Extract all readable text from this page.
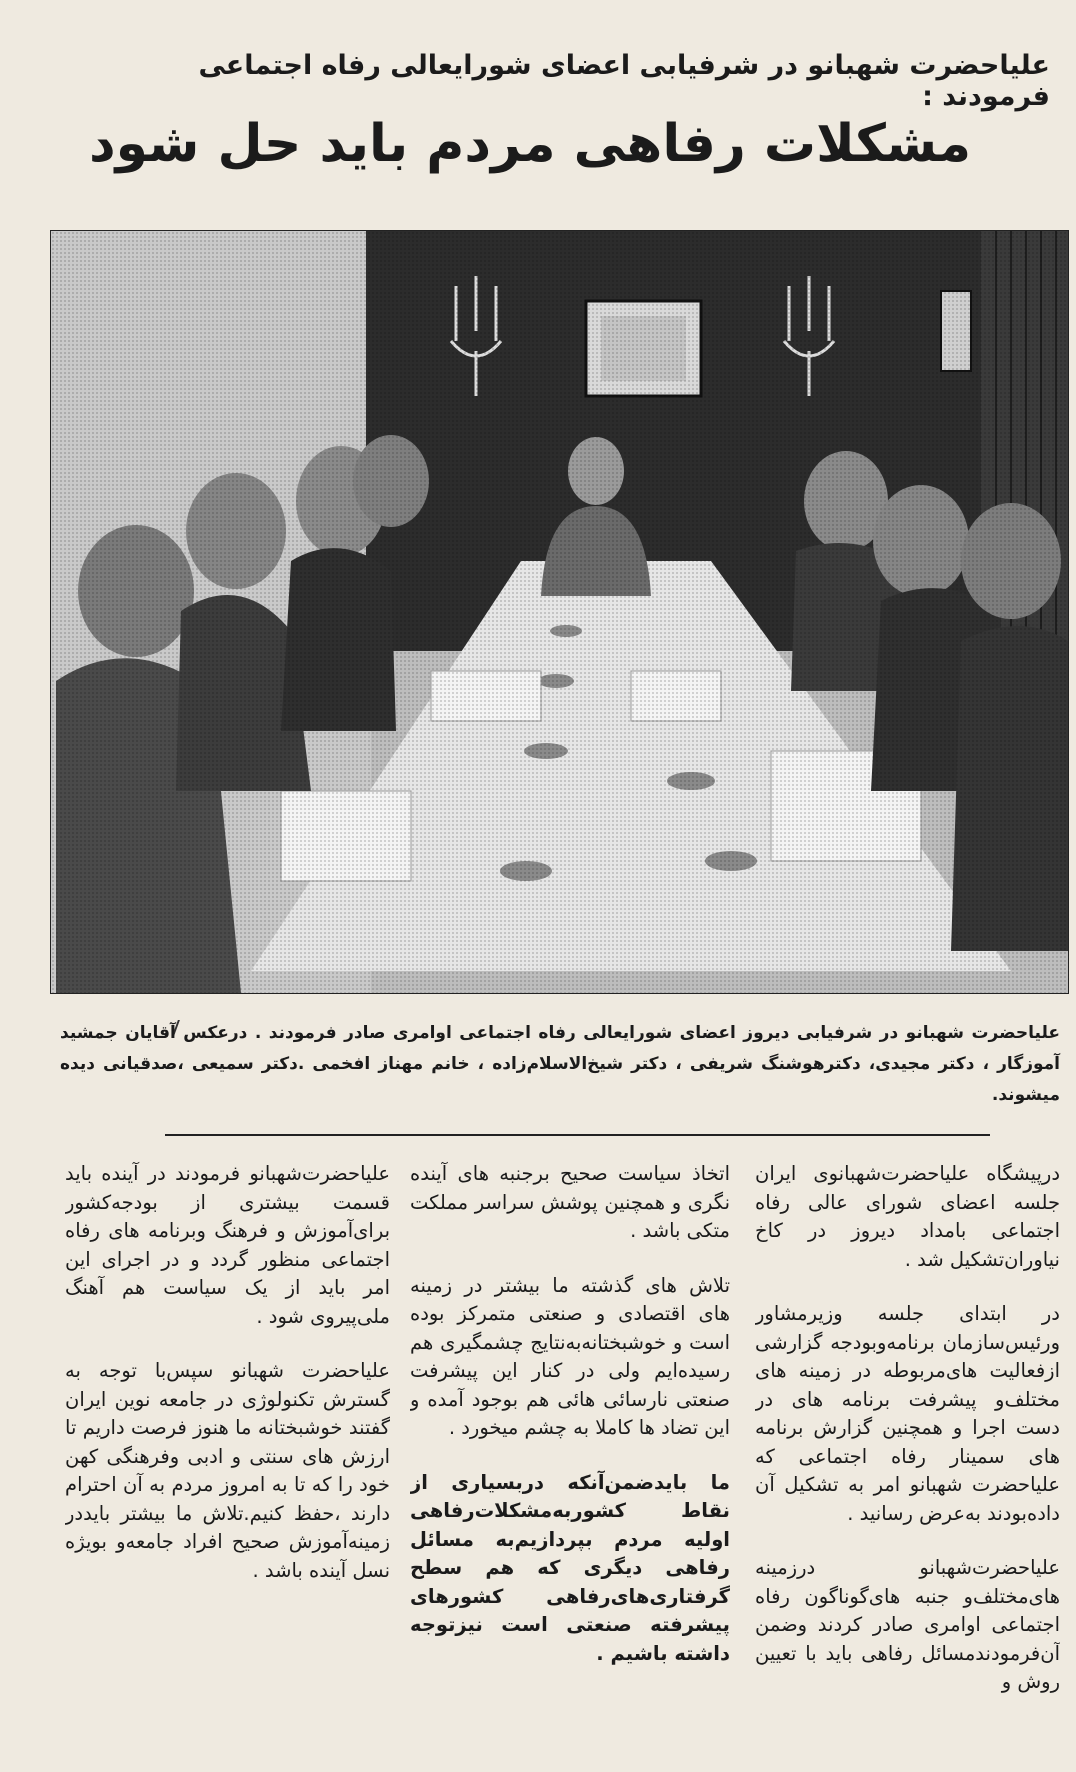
علیاحضرت شهبانو در شرفیابی اعضای شورایعالی رفاه اجتماعی فرمودند :
مشکلات رفاهی مردم باید حل شود
علیاحضرت شهبانو در شرفیابی دیروز اعضای شورایعالی رفاه اجتماعی اوامری صادر فرمودند . درعکس آقایان جمشید آموزگار ، دکتر مجیدی، دکترهوشنگ شریفی ، دکتر شیخ‌الاسلام‌زاده ، خانم مهناز افخمی .دکتر سمیعی ،صدقیانی دیده میشوند.

درپیشگاه علیاحضرت‌شهبانوی ایران جلسه اعضای شورای عالی رفاه اجتماعی بامداد دیروز در کاخ نیاوران‌تشکیل شد .

در ابتدای جلسه وزیرمشاور ورئیس‌سازمان برنامه‌وبودجه گزارشی ازفعالیت های‌مربوطه در زمینه های مختلف‌و پیشرفت برنامه های در دست اجرا و همچنین گزارش برنامه های سمینار رفاه اجتماعی که علیاحضرت شهبانو امر به تشکیل آن داده‌بودند به‌عرض رسانید .

علیاحضرت‌شهبانو درزمینه های‌مختلف‌و جنبه های‌گوناگون رفاه اجتماعی اوامری صادر کردند وضمن آن‌فرمودندمسائل رفاهی باید با تعیین روش و

اتخاذ سیاست صحیح برجنبه های آینده نگری و همچنین پوشش سراسر مملکت متکی باشد .

تلاش های گذشته ما بیشتر در زمینه های اقتصادی و صنعتی متمرکز بوده است و خوشبختانه‌به‌نتایج چشمگیری هم رسیده‌ایم ولی در کنار این پیشرفت صنعتی نارسائی هائی هم بوجود آمده و این تضاد ها کاملا به چشم میخورد .

ما بایدضمن‌آنکه دربسیاری از نقاط کشوربه‌مشکلات‌رفاهی اولیه مردم بپردازیم‌به مسائل رفاهی دیگری که هم سطح گرفتاری‌های‌رفاهی کشورهای پیشرفته صنعتی است نیزتوجه داشته باشیم .

علیاحضرت‌شهبانو فرمودند در آینده باید قسمت بیشتری از بودجه‌کشور برای‌آموزش و فرهنگ وبرنامه های رفاه اجتماعی منظور گردد و در اجرای این امر باید از یک سیاست هم آهنگ ملی‌پیروی شود .

علیاحضرت شهبانو سپس‌با توجه به گسترش تکنولوژی در جامعه نوین ایران گفتند خوشبختانه ما هنوز فرصت داریم تا ارزش های سنتی و ادبی وفرهنگی کهن خود را که تا به امروز مردم به آن احترام دارند ،حفظ کنیم.تلاش ما بیشتر بایددر زمینه‌آموزش صحیح افراد جامعه‌و بویژه نسل آینده باشد .
